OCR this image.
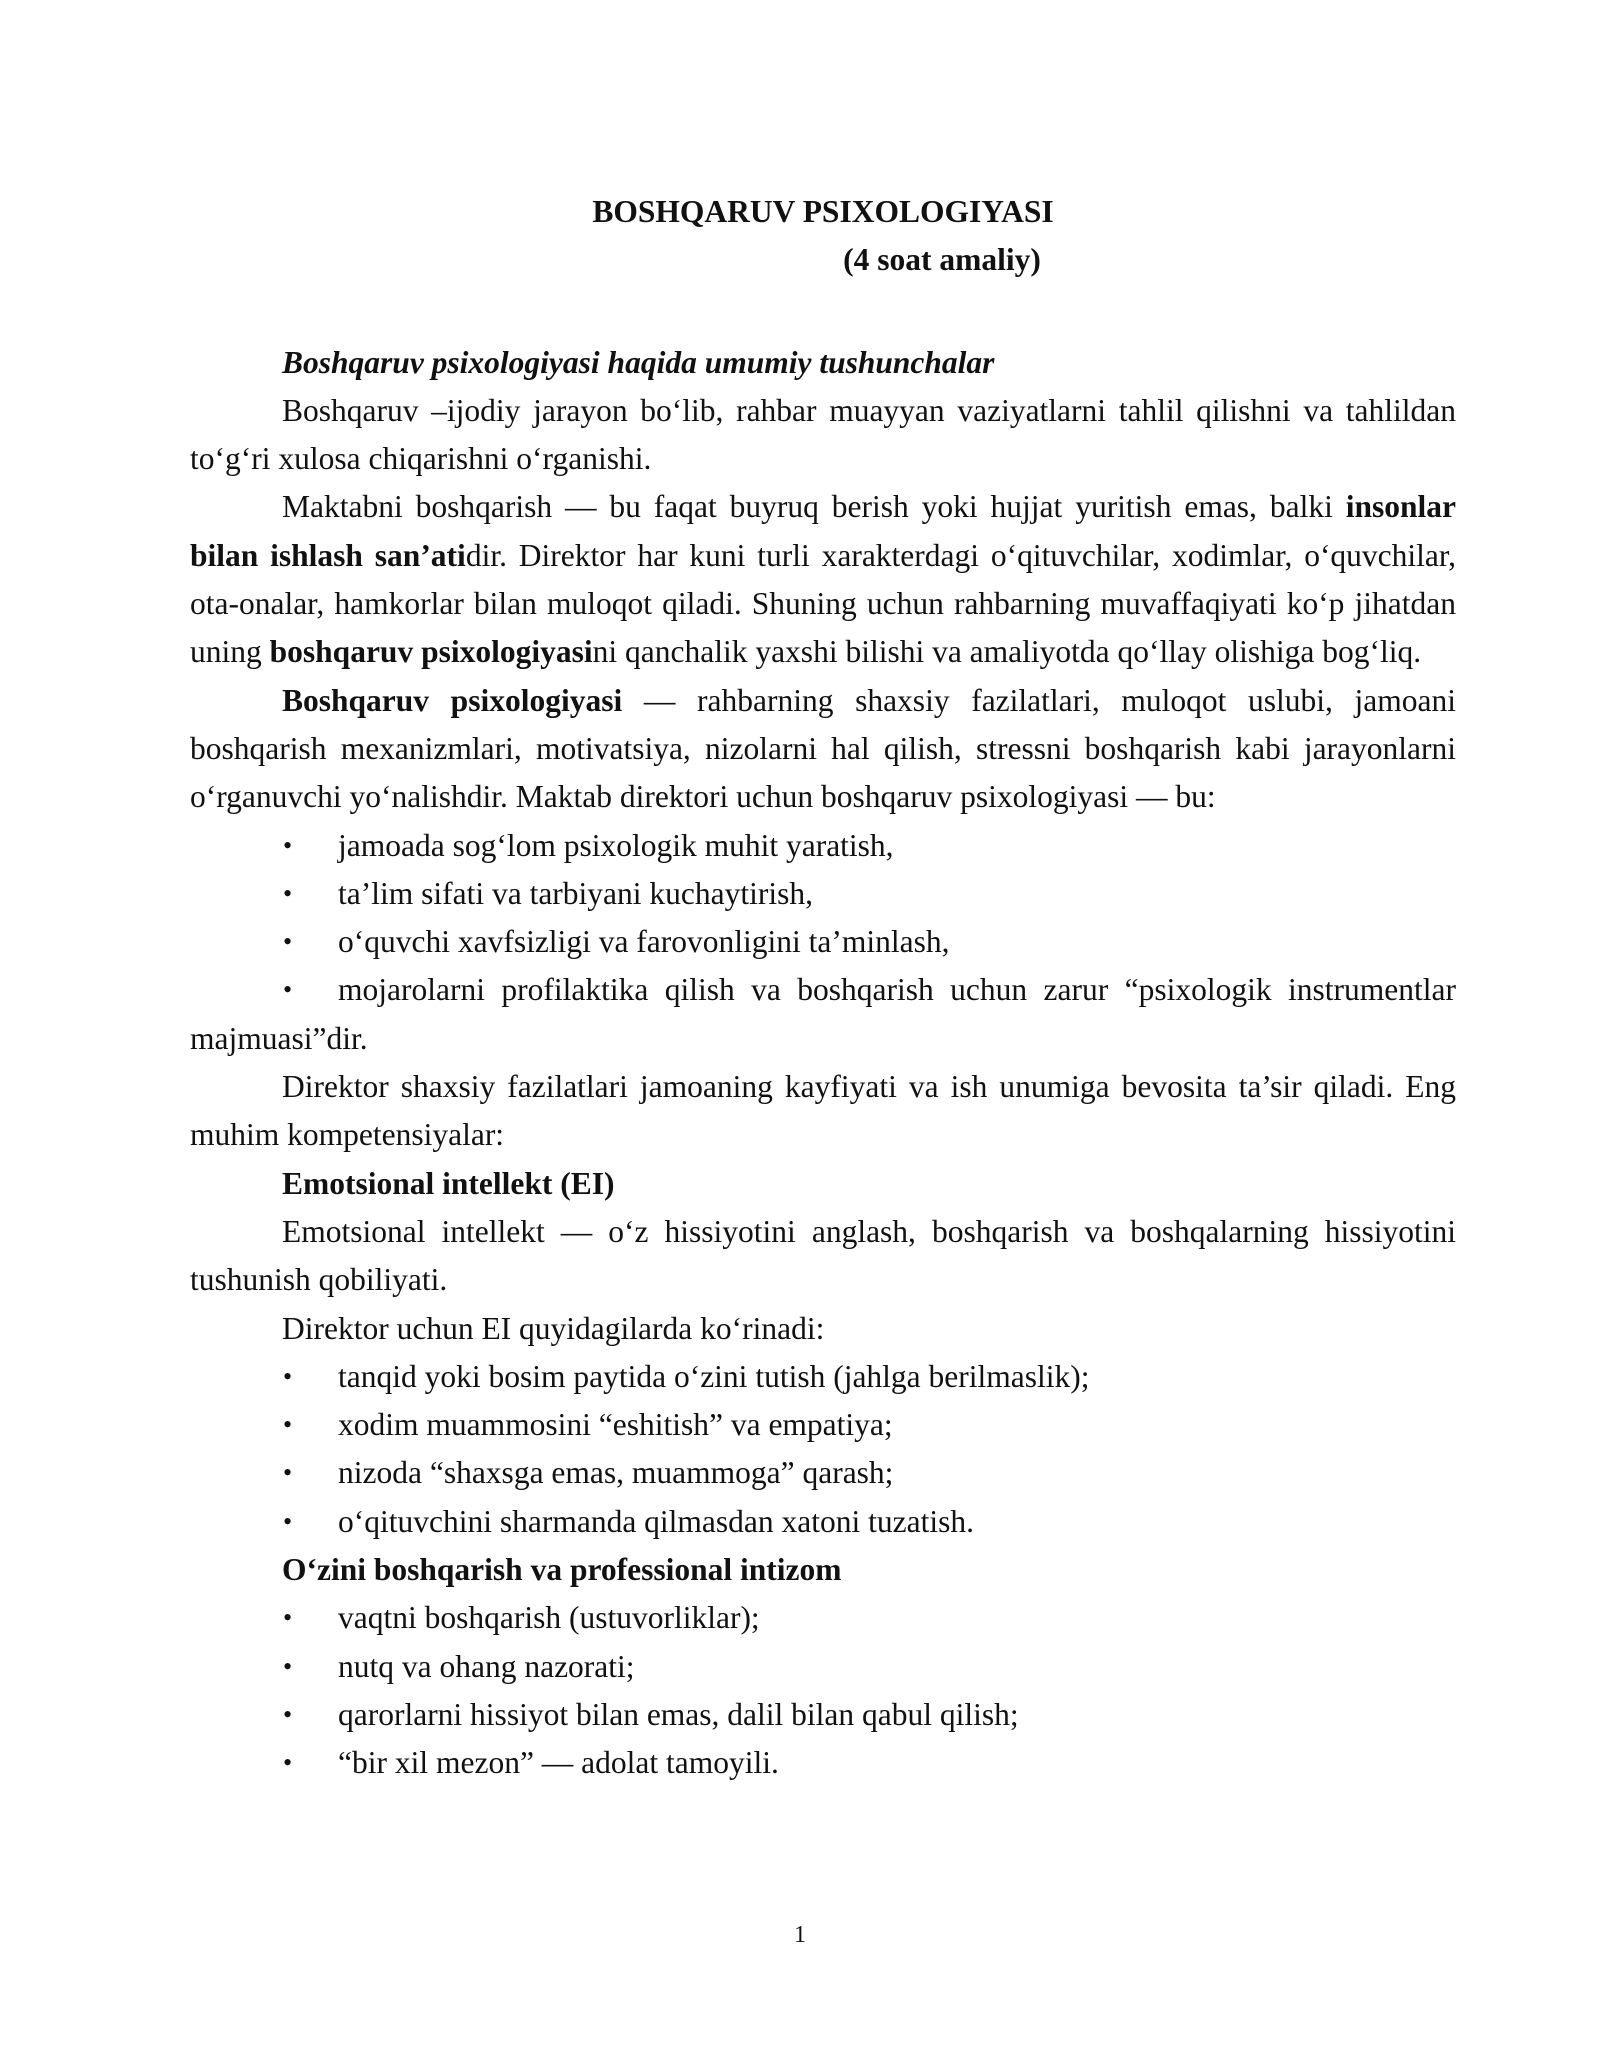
BOSHQARUV PSIXOLOGIYASI

(4 soat amaliy)

Boshqaruv psixologiyasi haqida umumiy tushunchalar

Boshqaruv –ijodiy jarayon bo‘lib, rahbar muayyan vaziyatlarni tahlil qilishni va tahlildan to‘g‘ri xulosa chiqarishni o‘rganishi.

Maktabni boshqarish — bu faqat buyruq berish yoki hujjat yuritish emas, balki insonlar bilan ishlash san’atidir. Direktor har kuni turli xarakterdagi o‘qituvchilar, xodimlar, o‘quvchilar, ota-onalar, hamkorlar bilan muloqot qiladi. Shuning uchun rahbarning muvaffaqiyati ko‘p jihatdan uning boshqaruv psixologiyasini qanchalik yaxshi bilishi va amaliyotda qo‘llay olishiga bog‘liq.

Boshqaruv psixologiyasi — rahbarning shaxsiy fazilatlari, muloqot uslubi, jamoani boshqarish mexanizmlari, motivatsiya, nizolarni hal qilish, stressni boshqarish kabi jarayonlarni o‘rganuvchi yo‘nalishdir. Maktab direktori uchun boshqaruv psixologiyasi — bu:

• jamoada sog‘lom psixologik muhit yaratish,
• ta’lim sifati va tarbiyani kuchaytirish,
• o‘quvchi xavfsizligi va farovonligini ta’minlash,
• mojarolarni profilaktika qilish va boshqarish uchun zarur “psixologik instrumentlar majmuasi”dir.

Direktor shaxsiy fazilatlari jamoaning kayfiyati va ish unumiga bevosita ta’sir qiladi. Eng muhim kompetensiyalar:

Emotsional intellekt (EI)

Emotsional intellekt — o‘z hissiyotini anglash, boshqarish va boshqalarning hissiyotini tushunish qobiliyati.

Direktor uchun EI quyidagilarda ko‘rinadi:

• tanqid yoki bosim paytida o‘zini tutish (jahlga berilmaslik);
• xodim muammosini “eshitish” va empatiya;
• nizoda “shaxsga emas, muammoga” qarash;
• o‘qituvchini sharmanda qilmasdan xatoni tuzatish.

O‘zini boshqarish va professional intizom

• vaqtni boshqarish (ustuvorliklar);
• nutq va ohang nazorati;
• qarorlarni hissiyot bilan emas, dalil bilan qabul qilish;
• “bir xil mezon” — adolat tamoyili.
1
